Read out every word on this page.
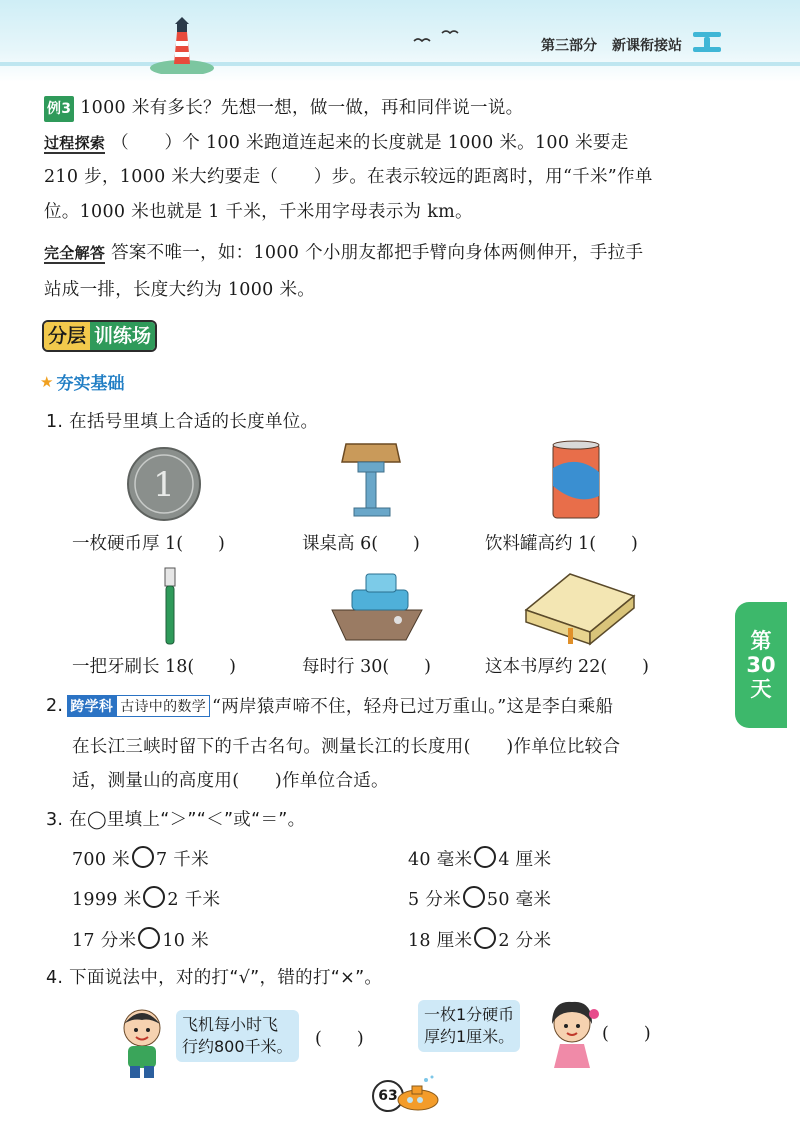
第三部分 新课衔接站
例3 1000 米有多长？先想一想，做一做，再和同伴说一说。
过程探索 （　　）个 100 米跑道连起来的长度就是 1000 米。100 米要走
210 步，1000 米大约要走（　　）步。在表示较远的距离时，用“千米”作单
位。1000 米也就是 1 千米，千米用字母表示为 km。
完全解答 答案不唯一，如：1000 个小朋友都把手臂向身体两侧伸开，手拉手
站成一排，长度大约为 1000 米。
分层 训练场
★ 夯实基础
1. 在括号里填上合适的长度单位。
1
一枚硬币厚 1(　　)	课桌高 6(　　)	饮料罐高约 1(　　)
一把牙刷长 18(　　)	每时行 30(　　)	这本书厚约 22(　　)
2. 跨学科 古诗中的数学 “两岸猿声啼不住，轻舟已过万重山。”这是李白乘船
在长江三峡时留下的千古名句。测量长江的长度用(　　)作单位比较合
适，测量山的高度用(　　)作单位合适。
3. 在◯里填上“＞”“＜”或“＝”。
700 米 7 千米	40 毫米 4 厘米
1999 米 2 千米	5 分米 50 毫米
17 分米 10 米	18 厘米 2 分米
4. 下面说法中，对的打“√”，错的打“×”。
飞机每小时飞
行约800千米。 (　　)
一枚1分硬币
厚约1厘米。	(　　)
63
第
30
天
